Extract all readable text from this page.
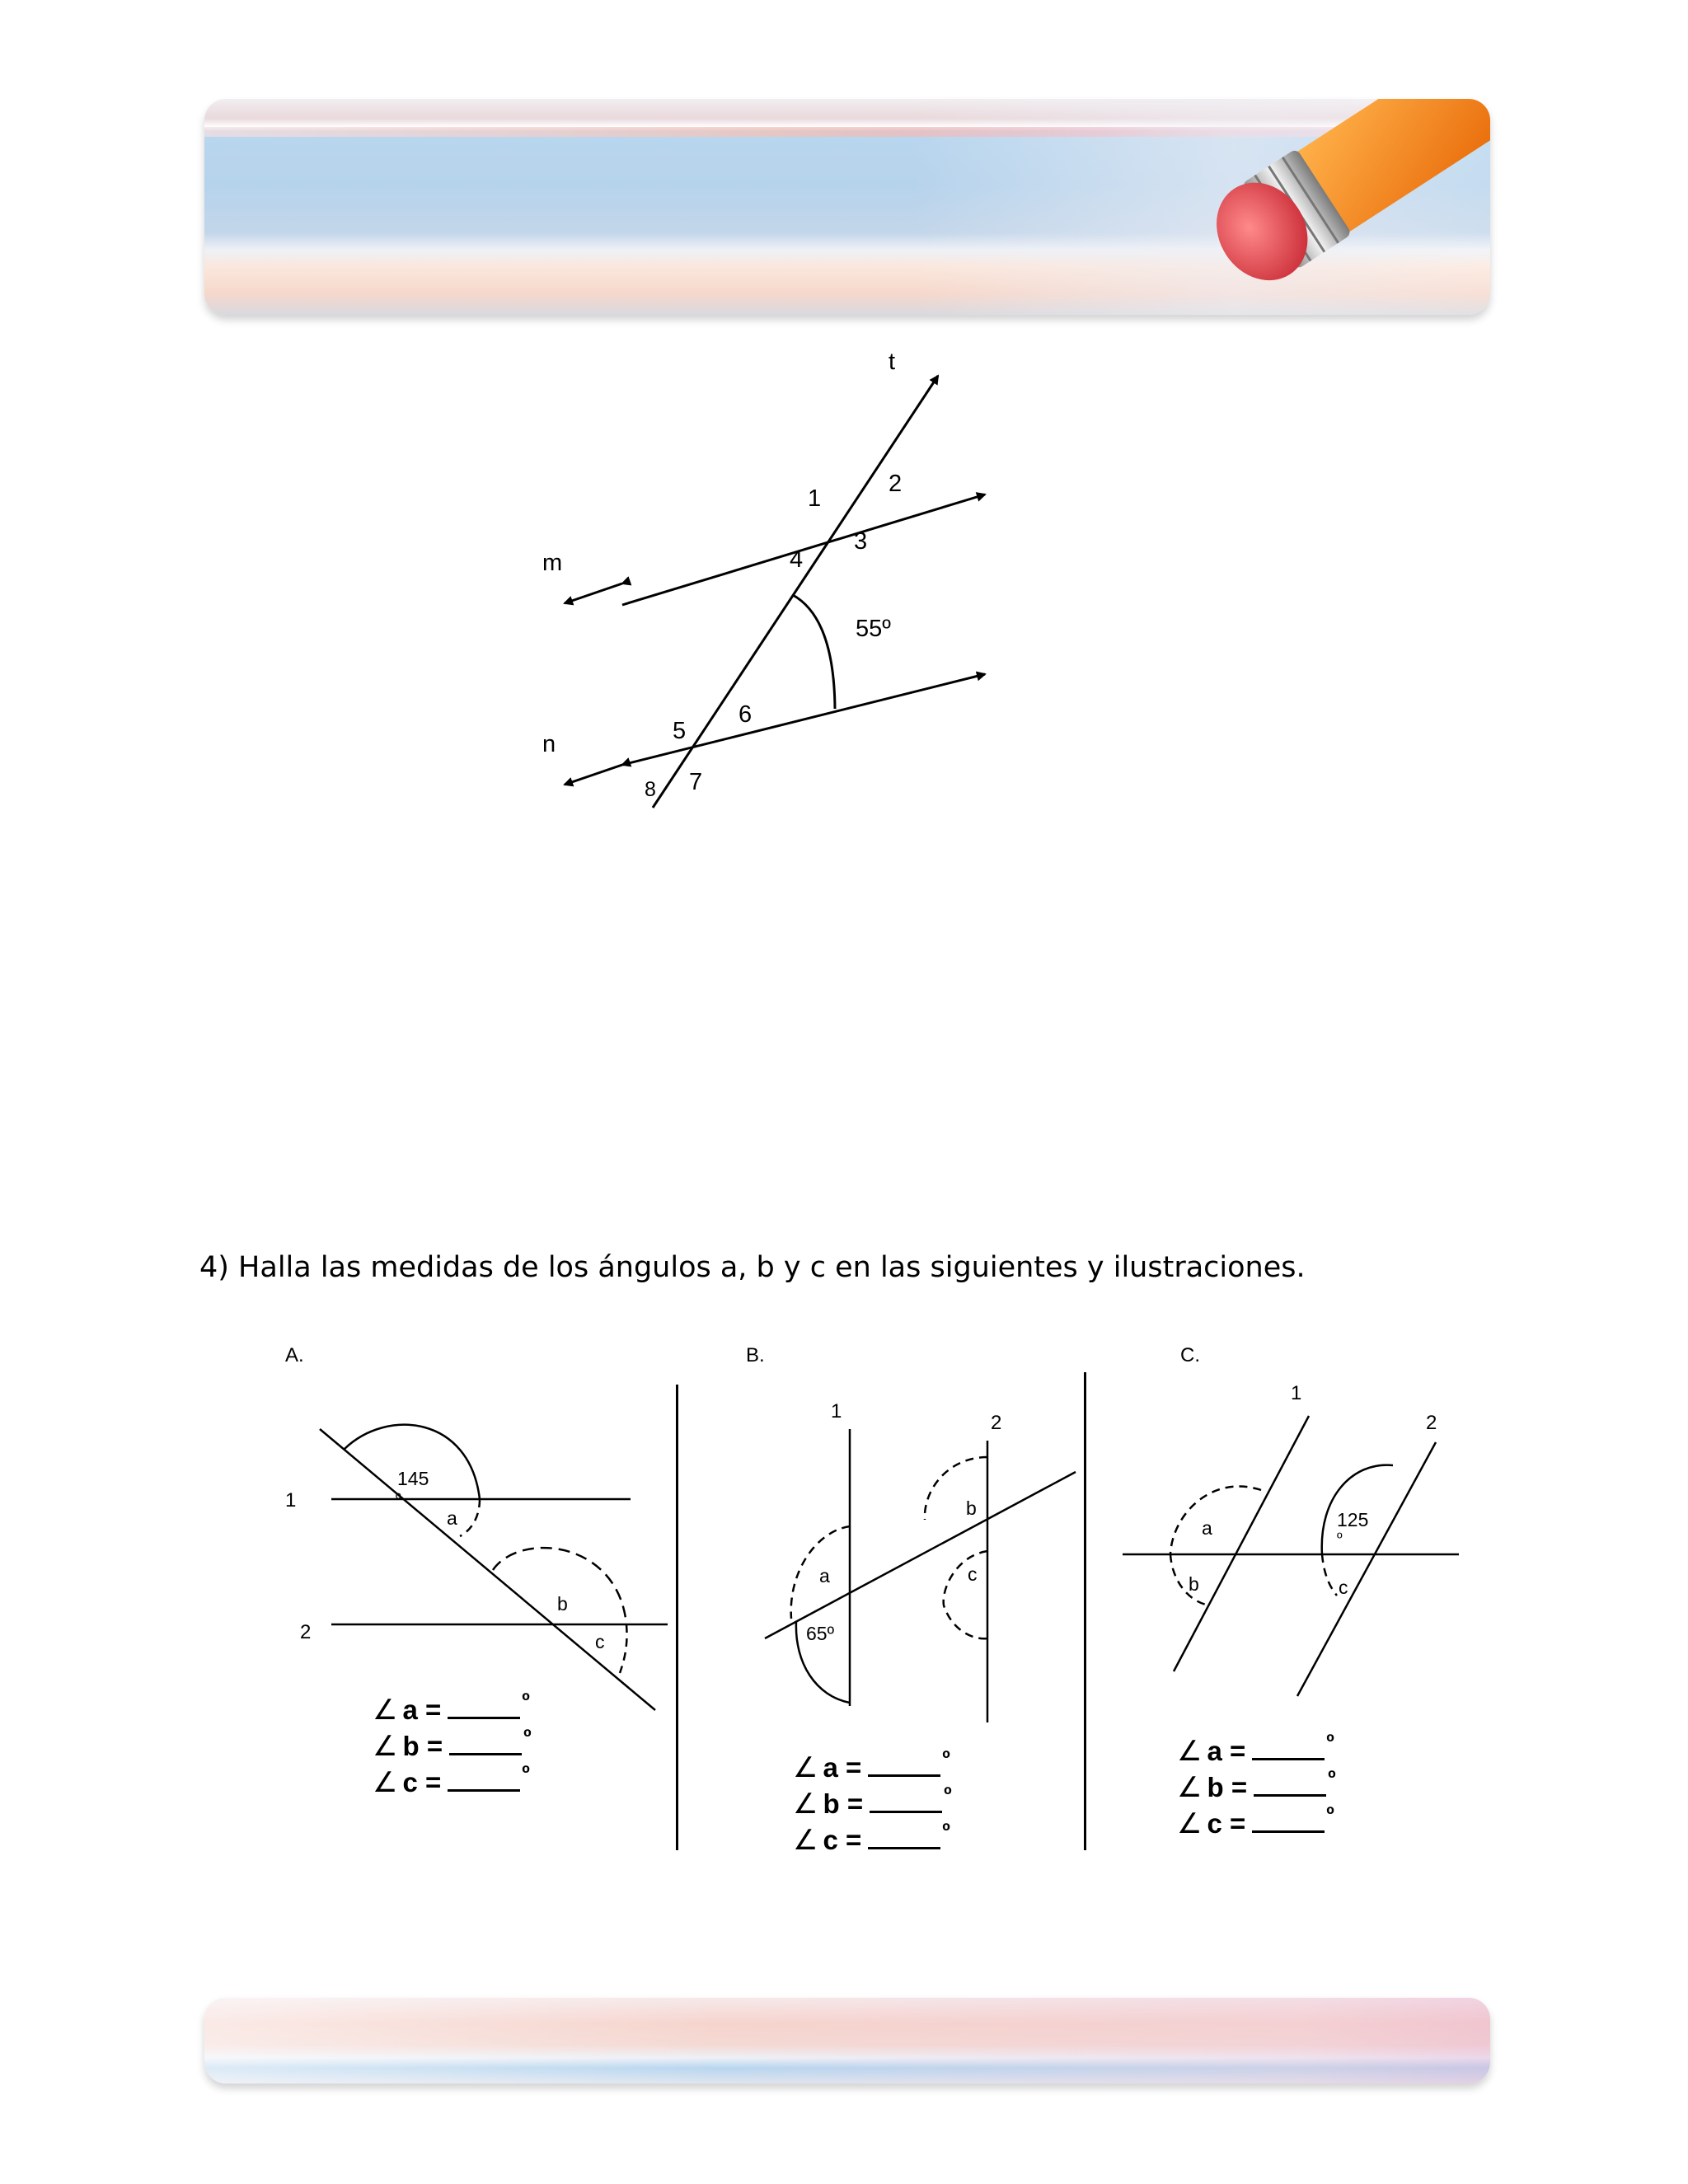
t
m
n
1
2
3
4
55º
5
6
7
8

4) Halla las medidas de los ángulos a, b y c en las siguientes y ilustraciones.

A.
1
2
145
º
a
b
c
B.
1
2
65º
a
b
c
C.
1
2
125
º
a
b	c
∠ a =	$^º$
∠ b =	$^º$
∠ c =	$^º$	∠ a =	$^º$
∠ b =	$^º$
∠ c =	$^º$
∠ a =	$^º$
∠ b =	$^º$
∠ c =	$^º$
